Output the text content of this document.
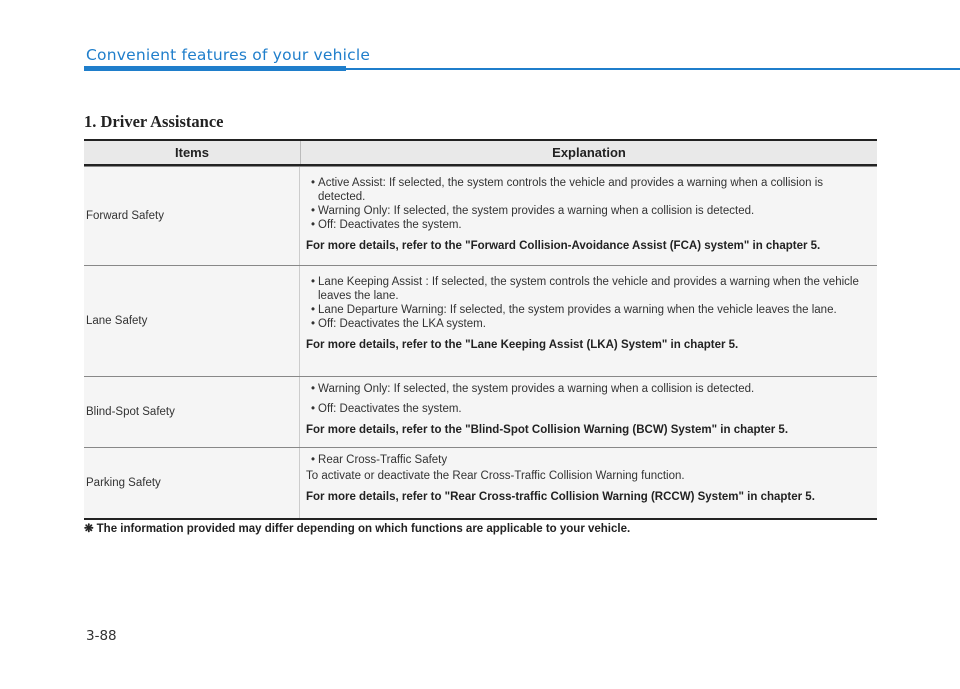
Convenient features of your vehicle
1. Driver Assistance
Items	Explanation
Forward Safety
• Active Assist: If selected, the system controls the vehicle and provides a warning when a collision is detected.
• Warning Only: If selected, the system provides a warning when a collision is detected.
• Off: Deactivates the system.
For more details, refer to the "Forward Collision-Avoidance Assist (FCA) system" in chapter 5.
Lane Safety
• Lane Keeping Assist : If selected, the system controls the vehicle and provides a warning when the vehicle leaves the lane.
• Lane Departure Warning: If selected, the system provides a warning when the vehicle leaves the lane.
• Off: Deactivates the LKA system.
For more details, refer to the "Lane Keeping Assist (LKA) System" in chapter 5.
Blind-Spot Safety
• Warning Only: If selected, the system provides a warning when a collision is detected.
• Off: Deactivates the system.
For more details, refer to the "Blind-Spot Collision Warning (BCW) System" in chapter 5.
Parking Safety
• Rear Cross-Traffic Safety
To activate or deactivate the Rear Cross-Traffic Collision Warning function.
For more details, refer to "Rear Cross-traffic Collision Warning (RCCW) System" in chapter 5.
❋ The information provided may differ depending on which functions are applicable to your vehicle.
3-88
